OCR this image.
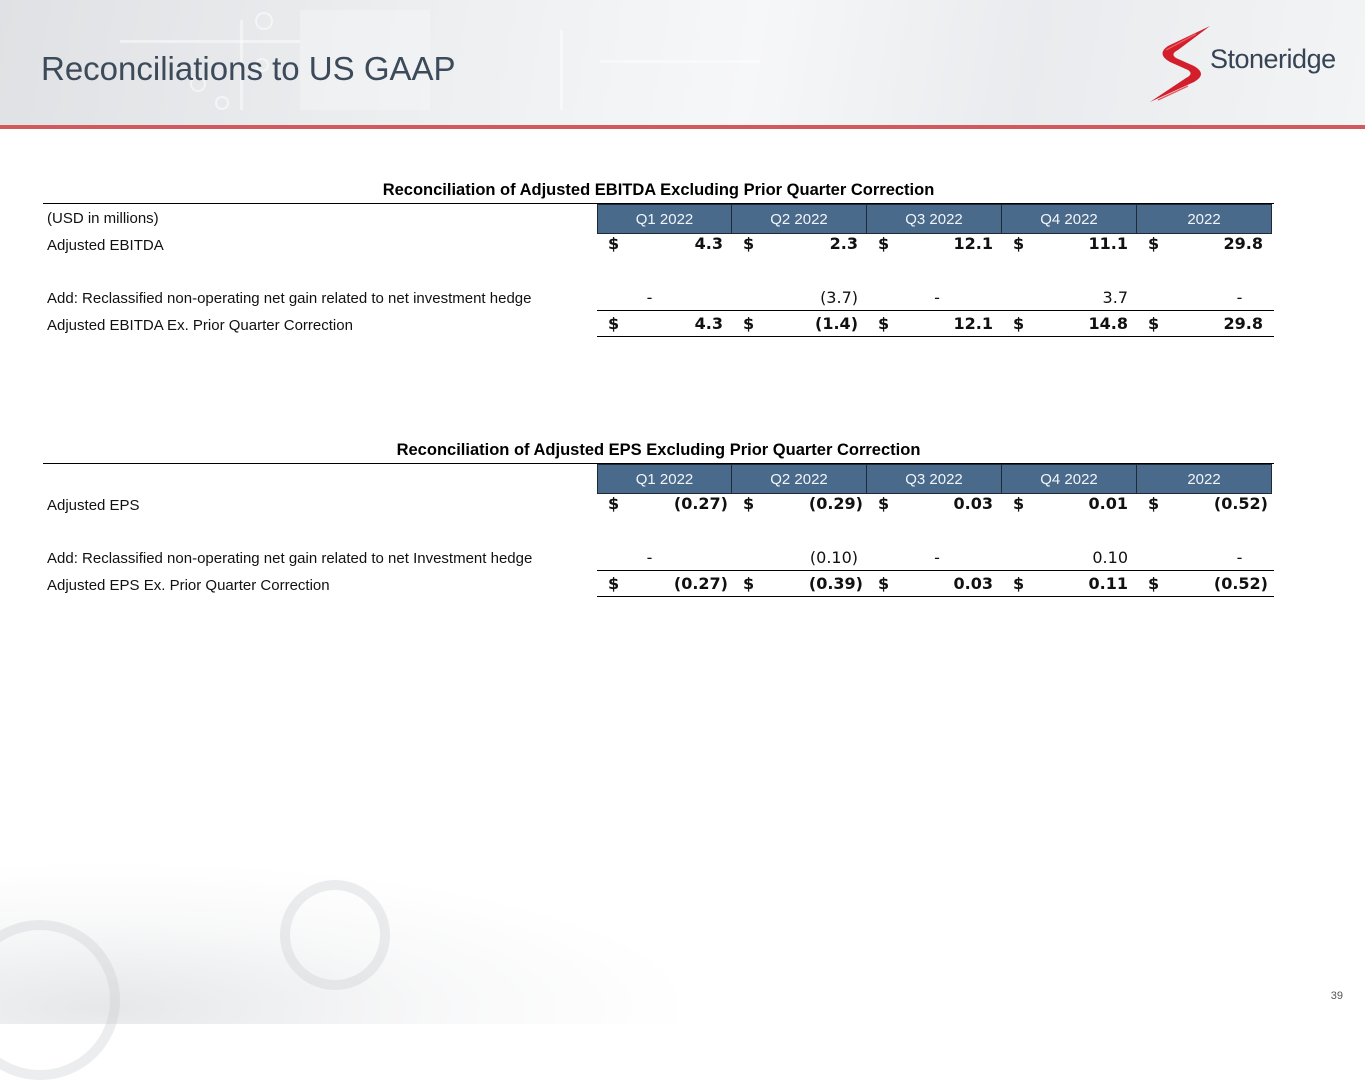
Reconciliations to US GAAP	Stoneridge
Reconciliation of Adjusted EBITDA Excluding Prior Quarter Correction
(USD in millions)	Q1 2022	Q2 2022	Q3 2022	Q4 2022	2022
Adjusted EBITDA	$	4.3 $	2.3 $	12.1 $	11.1 $	29.8
Add: Reclassified non-operating net gain related to net investment hedge	-	(3.7)	-	3.7	-
Adjusted EBITDA Ex. Prior Quarter Correction	$	4.3 $	(1.4) $	12.1 $	14.8 $	29.8
Reconciliation of Adjusted EPS Excluding Prior Quarter Correction
Q1 2022	Q2 2022	Q3 2022	Q4 2022	2022
Adjusted EPS	$	(0.27) $	(0.29) $	0.03 $	0.01 $	(0.52)
Add: Reclassified non-operating net gain related to net Investment hedge	-	(0.10)	-	0.10	-
Adjusted EPS Ex. Prior Quarter Correction	$	(0.27) $	(0.39) $	0.03 $	0.11 $	(0.52)
39
